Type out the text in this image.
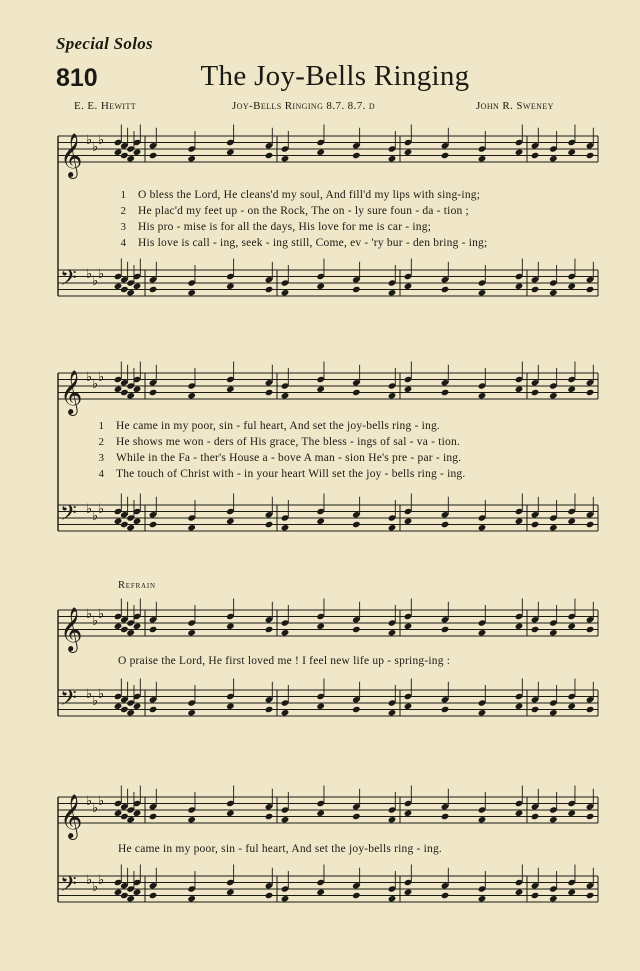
𝄞 ♭ ♭ ♭
𝄢 ♭ ♭ ♭
𝄞 ♭ ♭ ♭
𝄢 ♭ ♭ ♭
𝄞 ♭ ♭ ♭
𝄢 ♭ ♭ ♭
𝄞 ♭ ♭ ♭
𝄢 ♭ ♭ ♭
Special Solos
810	The Joy-Bells Ringing
E. E. Hewitt	Joy-Bells Ringing 8.7. 8.7. d	John R. Sweney
1 O bless the Lord, He cleans'd my soul, And fill'd my lips with sing-ing;
2 He plac'd my feet up - on the Rock, The on - ly sure foun - da - tion ;
3 His pro - mise is for all the days, His love for me is car - ing;
4 His love is call - ing, seek - ing still, Come, ev - 'ry bur - den bring - ing;
1 He came in my poor, sin - ful heart, And set the joy-bells ring - ing.
2 He shows me won - ders of His grace, The bless - ings of sal - va - tion.
3 While in the Fa - ther's House a - bove A man - sion He's pre - par - ing.
4 The touch of Christ with - in your heart Will set the joy - bells ring - ing.
Refrain
O praise the Lord, He first loved me ! I feel new life up - spring-ing :
He came in my poor, sin - ful heart, And set the joy-bells ring - ing.
